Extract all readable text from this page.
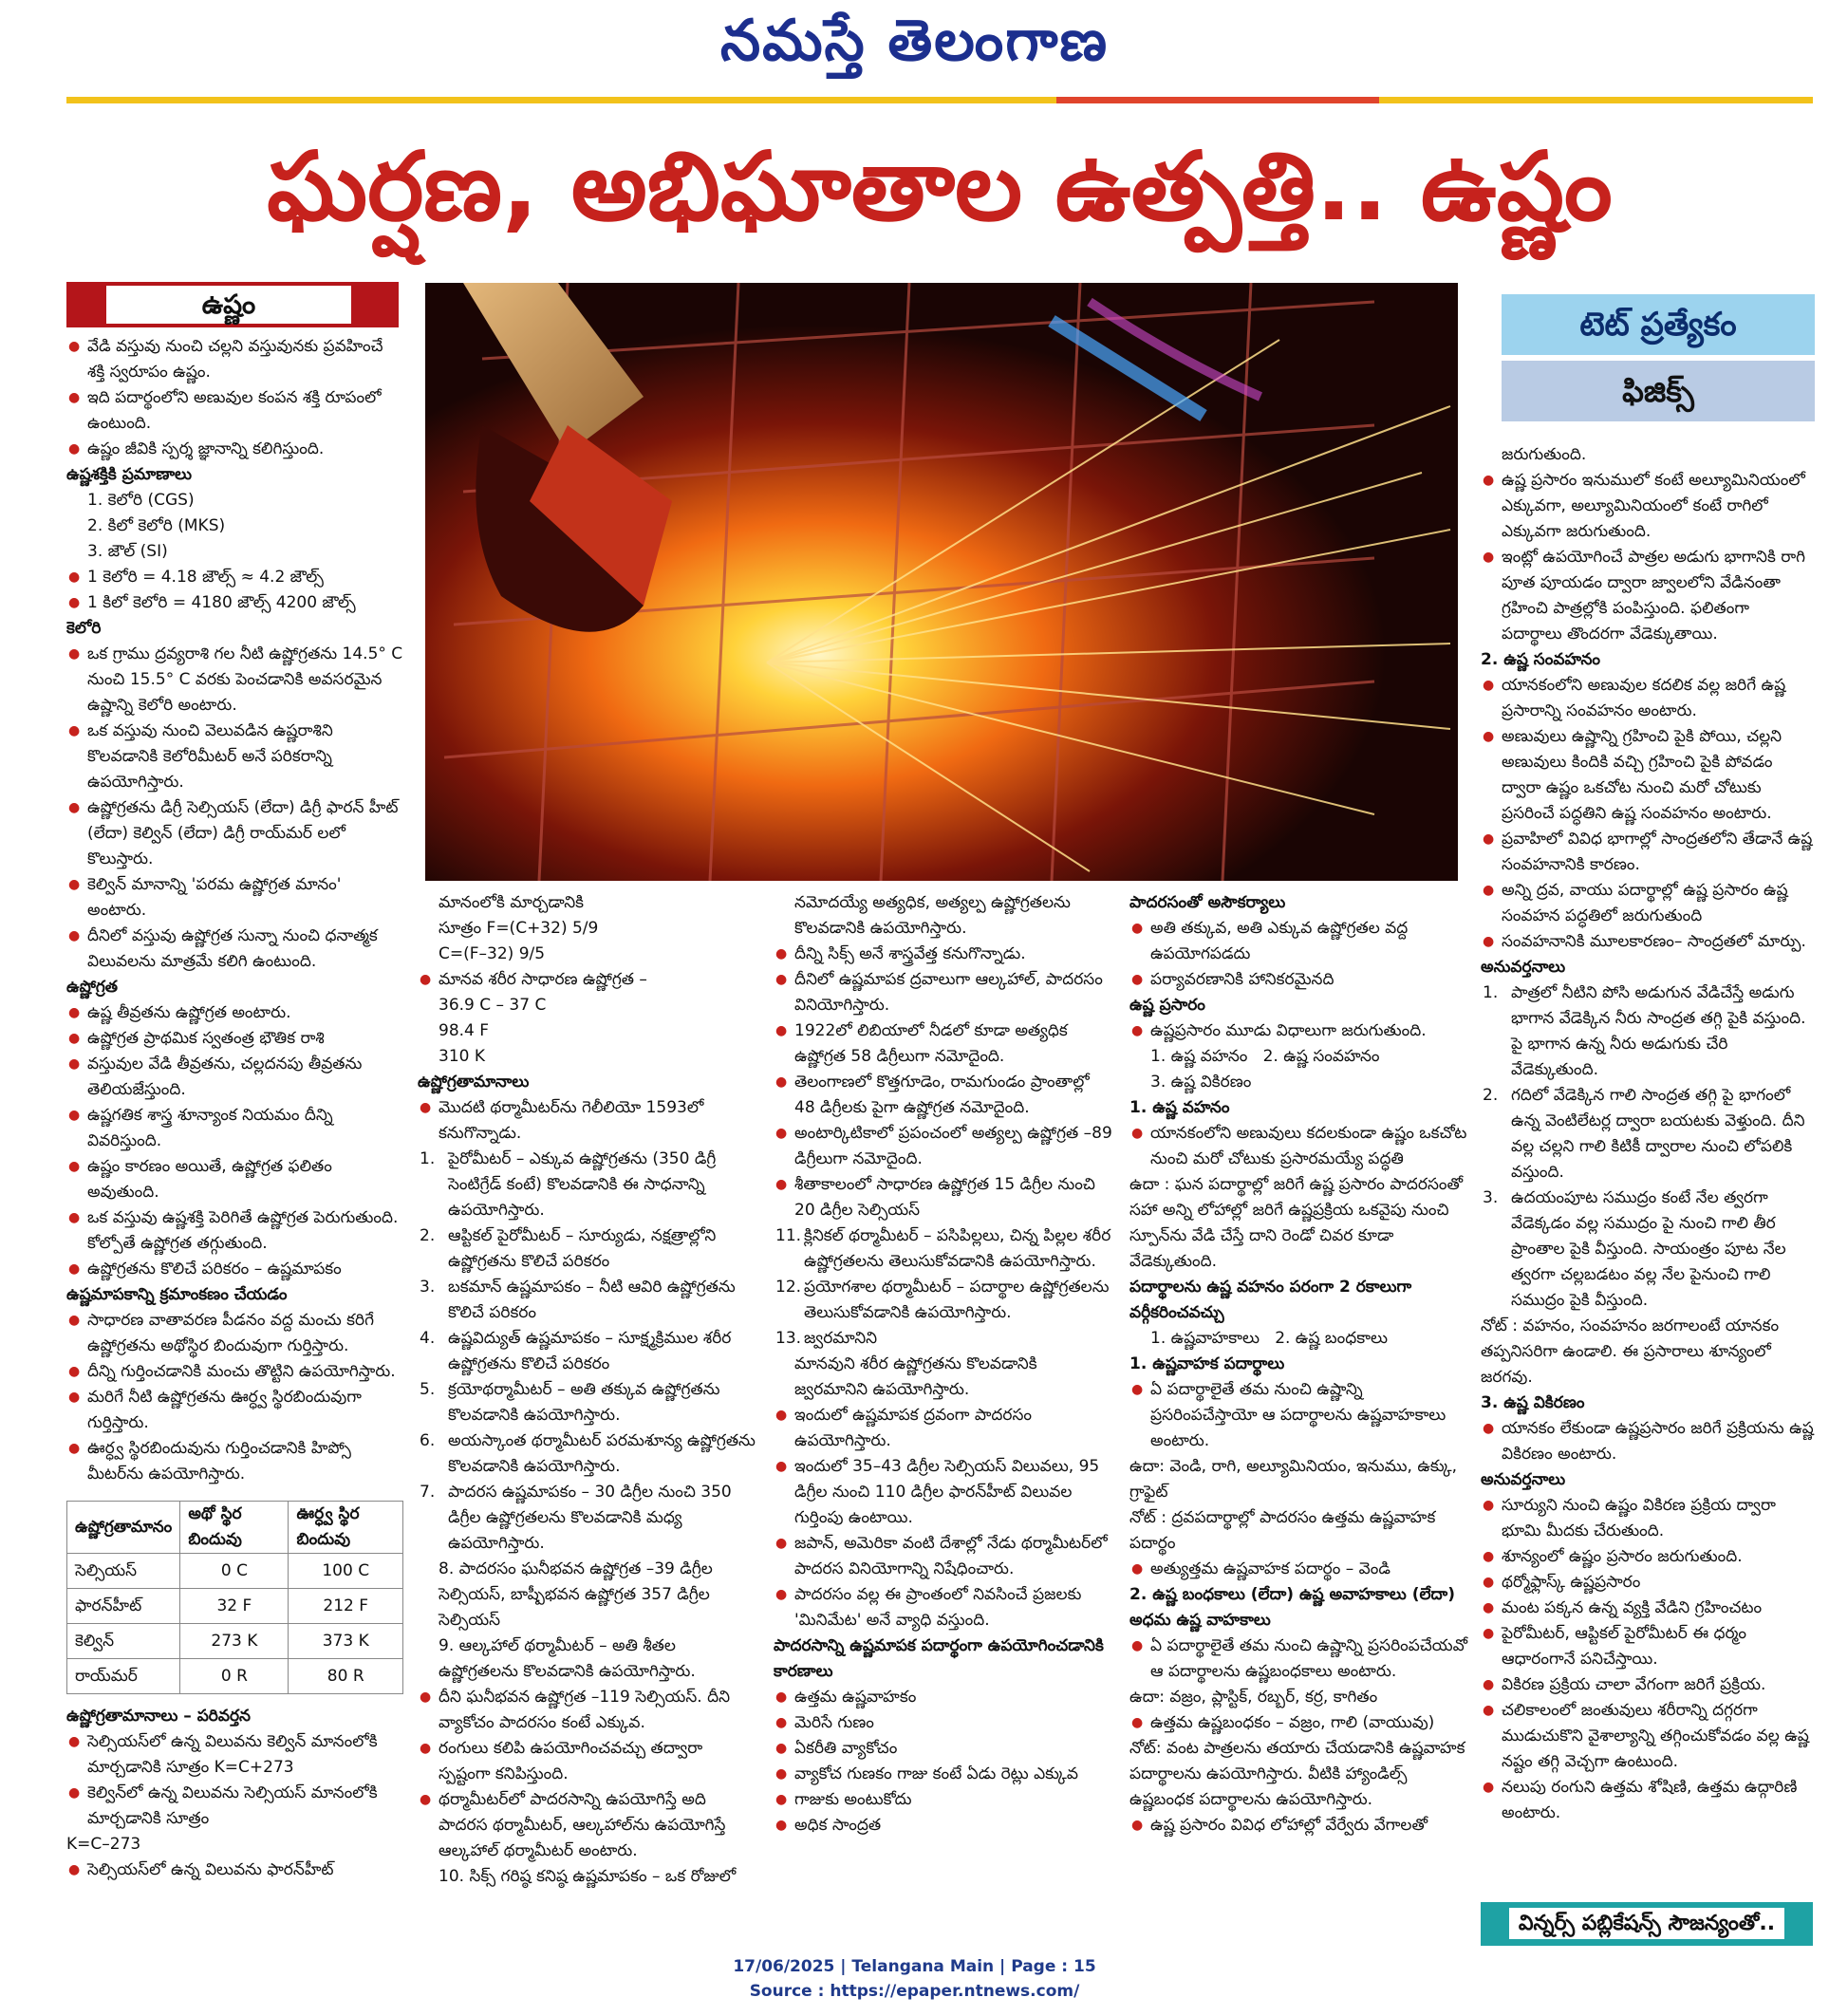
నమస్తే తెలంగాణ
ఘర్షణ, అభిఘాతాల ఉత్పత్తి.. ఉష్ణం
ఉష్ణం
టెట్ ప్రత్యేకం
ఫిజిక్స్

● వేడి వస్తువు నుంచి చల్లని వస్తువునకు ప్రవహించే శక్తి స్వరూపం ఉష్ణం.

● ఇది పదార్థంలోని అణువుల కంపన శక్తి రూపంలో ఉంటుంది.

● ఉష్ణం జీవికి స్పర్శ జ్ఞానాన్ని కలిగిస్తుంది.

ఉష్ణశక్తికి ప్రమాణాలు

1. కెలోరి (CGS)

2. కిలో కెలోరి (MKS)

3. జౌల్ (SI)

● 1 కెలోరి = 4.18 జౌల్స్ ≈ 4.2 జౌల్స్

● 1 కిలో కెలోరి = 4180 జౌల్స్ 4200 జౌల్స్

కెలోరి

● ఒక గ్రాము ద్రవ్యరాశి గల నీటి ఉష్ణోగ్రతను 14.5° C నుంచి 15.5° C వరకు పెంచడానికి అవసరమైన ఉష్ణాన్ని కెలోరి అంటారు.

● ఒక వస్తువు నుంచి వెలువడిన ఉష్ణరాశిని కొలవడానికి కెలోరిమీటర్ అనే పరికరాన్ని ఉపయోగిస్తారు.

● ఉష్ణోగ్రతను డిగ్రీ సెల్సియస్ (లేదా) డిగ్రీ ఫారన్ హీట్ (లేదా) కెల్విన్ (లేదా) డిగ్రీ రాయ్‌మర్ లలో కొలుస్తారు.

● కెల్విన్ మానాన్ని 'పరమ ఉష్ణోగ్రత మానం' అంటారు.

● దీనిలో వస్తువు ఉష్ణోగ్రత సున్నా నుంచి ధనాత్మక విలువలను మాత్రమే కలిగి ఉంటుంది.

ఉష్ణోగ్రత

● ఉష్ణ తీవ్రతను ఉష్ణోగ్రత అంటారు.

● ఉష్ణోగ్రత ప్రాథమిక స్వతంత్ర భౌతిక రాశి

● వస్తువుల వేడి తీవ్రతను, చల్లదనపు తీవ్రతను తెలియజేస్తుంది.

● ఉష్ణగతిక శాస్త్ర శూన్యాంక నియమం దీన్ని వివరిస్తుంది.

● ఉష్ణం కారణం అయితే, ఉష్ణోగ్రత ఫలితం అవుతుంది.

● ఒక వస్తువు ఉష్ణశక్తి పెరిగితే ఉష్ణోగ్రత పెరుగుతుంది. కోల్పోతే ఉష్ణోగ్రత తగ్గుతుంది.

● ఉష్ణోగ్రతను కొలిచే పరికరం – ఉష్ణమాపకం

ఉష్ణమాపకాన్ని క్రమాంకణం చేయడం

● సాధారణ వాతావరణ పీడనం వద్ద మంచు కరిగే ఉష్ణోగ్రతను అథోస్థిర బిందువుగా గుర్తిస్తారు.

● దీన్ని గుర్తించడానికి మంచు తొట్టిని ఉపయోగిస్తారు.

● మరిగే నీటి ఉష్ణోగ్రతను ఊర్ధ్వ స్థిరబిందువుగా గుర్తిస్తారు.

● ఊర్ధ్వ స్థిరబిందువును గుర్తించడానికి హిప్సో మీటర్‌ను ఉపయోగిస్తారు.

ఉష్ణోగ్రతామానం	అథో స్థిర బిందువు	ఊర్ధ్వ స్థిర బిందువు
సెల్సియస్	0 C	100 C
ఫారన్‌హీట్	32 F	212 F
కెల్విన్	273 K	373 K
రాయ్‌మర్	0 R	80 R

ఉష్ణోగ్రతామానాలు – పరివర్తన

● సెల్సియస్‌లో ఉన్న విలువను కెల్విన్ మానంలోకి మార్చడానికి సూత్రం K=C+273

● కెల్విన్‌లో ఉన్న విలువను సెల్సియస్ మానంలోకి మార్చడానికి సూత్రం

K=C–273

● సెల్సియస్‌లో ఉన్న విలువను ఫారన్‌హీట్

మానంలోకి మార్చడానికి

సూత్రం F=(C+32) 5/9

C=(F–32) 9/5

● మానవ శరీర సాధారణ ఉష్ణోగ్రత –

36.9 C – 37 C

98.4 F

310 K

ఉష్ణోగ్రతామానాలు

● మొదటి థర్మామీటర్‌ను గెలీలియో 1593లో కనుగొన్నాడు.

1. పైరోమీటర్ – ఎక్కువ ఉష్ణోగ్రతను (350 డిగ్రీ సెంటిగ్రేడ్ కంటే) కొలవడానికి ఈ సాధనాన్ని ఉపయోగిస్తారు.

2. ఆప్టికల్ పైరోమీటర్ – సూర్యుడు, నక్షత్రాల్లోని ఉష్ణోగ్రతను కొలిచే పరికరం

3. బకమాన్ ఉష్ణమాపకం – నీటి ఆవిరి ఉష్ణోగ్రతను కొలిచే పరికరం

4. ఉష్ణవిద్యుత్ ఉష్ణమాపకం – సూక్ష్మక్రిముల శరీర ఉష్ణోగ్రతను కొలిచే పరికరం

5. క్రయోథర్మామీటర్ – అతి తక్కువ ఉష్ణోగ్రతను కొలవడానికి ఉపయోగిస్తారు.

6. అయస్కాంత థర్మామీటర్ పరమశూన్య ఉష్ణోగ్రతను కొలవడానికి ఉపయోగిస్తారు.

7. పాదరస ఉష్ణమాపకం – 30 డిగ్రీల నుంచి 350 డిగ్రీల ఉష్ణోగ్రతలను కొలవడానికి మధ్య ఉపయోగిస్తారు.

8. పాదరసం ఘనీభవన ఉష్ణోగ్రత –39 డిగ్రీల సెల్సియస్, బాష్పీభవన ఉష్ణోగ్రత 357 డిగ్రీల సెల్సియస్

9. ఆల్కహాల్ థర్మామీటర్ – అతి శీతల ఉష్ణోగ్రతలను కొలవడానికి ఉపయోగిస్తారు.

● దీని ఘనీభవన ఉష్ణోగ్రత –119 సెల్సియస్. దీని వ్యాకోచం పాదరసం కంటే ఎక్కువ.

● రంగులు కలిపి ఉపయోగించవచ్చు తద్వారా స్పష్టంగా కనిపిస్తుంది.

● థర్మామీటర్‌లో పాదరసాన్ని ఉపయోగిస్తే అది పాదరస థర్మామీటర్, ఆల్కహాల్‌ను ఉపయోగిస్తే ఆల్కహాల్ థర్మామీటర్ అంటారు.

10. సిక్స్ గరిష్ఠ కనిష్ఠ ఉష్ణమాపకం – ఒక రోజులో

నమోదయ్యే అత్యధిక, అత్యల్ప ఉష్ణోగ్రతలను కొలవడానికి ఉపయోగిస్తారు.

● దీన్ని సిక్స్ అనే శాస్త్రవేత్త కనుగొన్నాడు.

● దీనిలో ఉష్ణమాపక ద్రవాలుగా ఆల్కహాల్, పాదరసం వినియోగిస్తారు.

● 1922లో లిబియాలో నీడలో కూడా అత్యధిక ఉష్ణోగ్రత 58 డిగ్రీలుగా నమోదైంది.

● తెలంగాణలో కొత్తగూడెం, రామగుండం ప్రాంతాల్లో 48 డిగ్రీలకు పైగా ఉష్ణోగ్రత నమోదైంది.

● అంటార్కిటికాలో ప్రపంచంలో అత్యల్ప ఉష్ణోగ్రత –89 డిగ్రీలుగా నమోదైంది.

● శీతాకాలంలో సాధారణ ఉష్ణోగ్రత 15 డిగ్రీల నుంచి 20 డిగ్రీల సెల్సియస్

11. క్లినికల్ థర్మామీటర్ – పసిపిల్లలు, చిన్న పిల్లల శరీర ఉష్ణోగ్రతలను తెలుసుకోవడానికి ఉపయోగిస్తారు.

12. ప్రయోగశాల థర్మామీటర్ – పదార్థాల ఉష్ణోగ్రతలను తెలుసుకోవడానికి ఉపయోగిస్తారు.

13. జ్వరమానిని

మానవుని శరీర ఉష్ణోగ్రతను కొలవడానికి జ్వరమానిని ఉపయోగిస్తారు.

● ఇందులో ఉష్ణమాపక ద్రవంగా పాదరసం ఉపయోగిస్తారు.

● ఇందులో 35–43 డిగ్రీల సెల్సియస్ విలువలు, 95 డిగ్రీల నుంచి 110 డిగ్రీల ఫారన్‌హీట్ విలువల గుర్తింపు ఉంటాయి.

● జపాన్, అమెరికా వంటి దేశాల్లో నేడు థర్మామీటర్‌లో పాదరస వినియోగాన్ని నిషేధించారు.

● పాదరసం వల్ల ఈ ప్రాంతంలో నివసించే ప్రజలకు 'మినిమేట' అనే వ్యాధి వస్తుంది.

పాదరసాన్ని ఉష్ణమాపక పదార్థంగా ఉపయోగించడానికి కారణాలు

● ఉత్తమ ఉష్ణవాహకం

● మెరిసే గుణం

● ఏకరీతి వ్యాకోచం

● వ్యాకోచ గుణకం గాజు కంటే ఏడు రెట్లు ఎక్కువ

● గాజుకు అంటుకోదు

● అధిక సాంద్రత

పాదరసంతో అసౌకర్యాలు

● అతి తక్కువ, అతి ఎక్కువ ఉష్ణోగ్రతల వద్ద ఉపయోగపడదు

● పర్యావరణానికి హానికరమైనది

ఉష్ణ ప్రసారం

● ఉష్ణప్రసారం మూడు విధాలుగా జరుగుతుంది.

1. ఉష్ణ వహనం 2. ఉష్ణ సంవహనం

3. ఉష్ణ వికిరణం

1. ఉష్ణ వహనం

● యానకంలోని అణువులు కదలకుండా ఉష్ణం ఒకచోట నుంచి మరో చోటుకు ప్రసారమయ్యే పద్ధతి

ఉదా : ఘన పదార్థాల్లో జరిగే ఉష్ణ ప్రసారం పాదరసంతో సహా అన్ని లోహాల్లో జరిగే ఉష్ణప్రక్రియ ఒకవైపు నుంచి స్పూన్‌ను వేడి చేస్తే దాని రెండో చివర కూడా వేడెక్కుతుంది.

పదార్థాలను ఉష్ణ వహనం పరంగా 2 రకాలుగా వర్గీకరించవచ్చు

1. ఉష్ణవాహకాలు 2. ఉష్ణ బంధకాలు

1. ఉష్ణవాహక పదార్థాలు

● ఏ పదార్థాలైతే తమ నుంచి ఉష్ణాన్ని ప్రసరింపచేస్తాయో ఆ పదార్థాలను ఉష్ణవాహకాలు అంటారు.

ఉదా: వెండి, రాగి, అల్యూమినియం, ఇనుము, ఉక్కు, గ్రాఫైట్

నోట్ : ద్రవపదార్థాల్లో పాదరసం ఉత్తమ ఉష్ణవాహక పదార్థం

● అత్యుత్తమ ఉష్ణవాహక పదార్థం – వెండి

2. ఉష్ణ బంధకాలు (లేదా) ఉష్ణ అవాహకాలు (లేదా) అధమ ఉష్ణ వాహకాలు

● ఏ పదార్థాలైతే తమ నుంచి ఉష్ణాన్ని ప్రసరింపచేయవో ఆ పదార్థాలను ఉష్ణబంధకాలు అంటారు.

ఉదా: వజ్రం, ప్లాస్టిక్, రబ్బర్, కర్ర, కాగితం

● ఉత్తమ ఉష్ణబంధకం – వజ్రం, గాలి (వాయువు)

నోట్: వంట పాత్రలను తయారు చేయడానికి ఉష్ణవాహక పదార్థాలను ఉపయోగిస్తారు. వీటికి హ్యాండిల్స్ ఉష్ణబంధక పదార్థాలను ఉపయోగిస్తారు.

● ఉష్ణ ప్రసారం వివిధ లోహాల్లో వేర్వేరు వేగాలతో

జరుగుతుంది.

● ఉష్ణ ప్రసారం ఇనుములో కంటే అల్యూమినియంలో ఎక్కువగా, అల్యూమినియంలో కంటే రాగిలో ఎక్కువగా జరుగుతుంది.

● ఇంట్లో ఉపయోగించే పాత్రల అడుగు భాగానికి రాగి పూత పూయడం ద్వారా జ్వాలలోని వేడినంతా గ్రహించి పాత్రల్లోకి పంపిస్తుంది. ఫలితంగా పదార్థాలు తొందరగా వేడెక్కుతాయి.

2. ఉష్ణ సంవహనం

● యానకంలోని అణువుల కదలిక వల్ల జరిగే ఉష్ణ ప్రసారాన్ని సంవహనం అంటారు.

● అణువులు ఉష్ణాన్ని గ్రహించి పైకి పోయి, చల్లని అణువులు కిందికి వచ్చి గ్రహించి పైకి పోవడం ద్వారా ఉష్ణం ఒకచోట నుంచి మరో చోటుకు ప్రసరించే పద్ధతిని ఉష్ణ సంవహనం అంటారు.

● ప్రవాహిలో వివిధ భాగాల్లో సాంద్రతలోని తేడానే ఉష్ణ సంవహనానికి కారణం.

● అన్ని ద్రవ, వాయు పదార్థాల్లో ఉష్ణ ప్రసారం ఉష్ణ సంవహన పద్ధతిలో జరుగుతుంది

● సంవహనానికి మూలకారణం– సాంద్రతలో మార్పు.

అనువర్తనాలు

1. పాత్రలో నీటిని పోసి అడుగున వేడిచేస్తే అడుగు భాగాన వేడెక్కిన నీరు సాంద్రత తగ్గి పైకి వస్తుంది. పై భాగాన ఉన్న నీరు అడుగుకు చేరి వేడెక్కుతుంది.

2. గదిలో వేడెక్కిన గాలి సాంద్రత తగ్గి పై భాగంలో ఉన్న వెంటిలేటర్ల ద్వారా బయటకు వెళ్తుంది. దీని వల్ల చల్లని గాలి కిటికీ ద్వారాల నుంచి లోపలికి వస్తుంది.

3. ఉదయంపూట సముద్రం కంటే నేల త్వరగా వేడెక్కడం వల్ల సముద్రం పై నుంచి గాలి తీర ప్రాంతాల పైకి వీస్తుంది. సాయంత్రం పూట నేల త్వరగా చల్లబడటం వల్ల నేల పైనుంచి గాలి సముద్రం పైకి వీస్తుంది.

నోట్ : వహనం, సంవహనం జరగాలంటే యానకం తప్పనిసరిగా ఉండాలి. ఈ ప్రసారాలు శూన్యంలో జరగవు.

3. ఉష్ణ వికిరణం

● యానకం లేకుండా ఉష్ణప్రసారం జరిగే ప్రక్రియను ఉష్ణ వికిరణం అంటారు.

అనువర్తనాలు

● సూర్యుని నుంచి ఉష్ణం వికిరణ ప్రక్రియ ద్వారా భూమి మీదకు చేరుతుంది.

● శూన్యంలో ఉష్ణం ప్రసారం జరుగుతుంది.

● థర్మోఫ్లాస్క్ ఉష్ణప్రసారం

● మంట పక్కన ఉన్న వ్యక్తి వేడిని గ్రహించటం

● పైరోమీటర్, ఆప్టికల్ పైరోమీటర్ ఈ ధర్మం ఆధారంగానే పనిచేస్తాయి.

● వికిరణ ప్రక్రియ చాలా వేగంగా జరిగే ప్రక్రియ.

● చలికాలంలో జంతువులు శరీరాన్ని దగ్గరగా ముడుచుకొని వైశాల్యాన్ని తగ్గించుకోవడం వల్ల ఉష్ణ నష్టం తగ్గి వెచ్చగా ఉంటుంది.

● నలుపు రంగుని ఉత్తమ శోషిణి, ఉత్తమ ఉద్గారిణి అంటారు.

విన్నర్స్ పబ్లికేషన్స్ సౌజన్యంతో..
17/06/2025 | Telangana Main | Page : 15
Source : https://epaper.ntnews.com/
